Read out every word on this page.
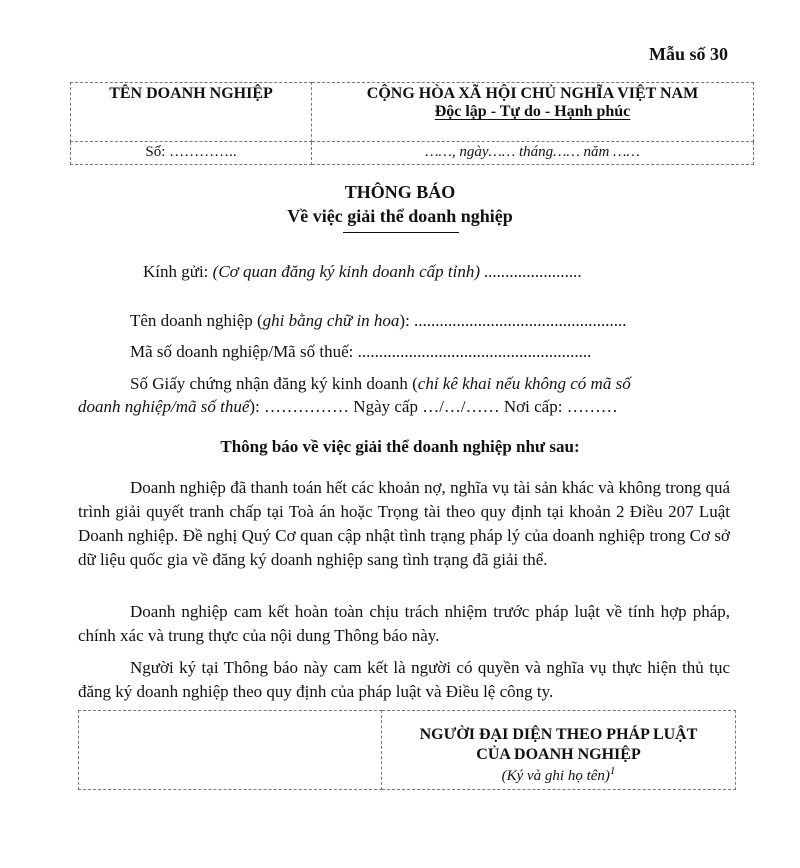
Mẫu số 30
TÊN DOANH NGHIỆP	CỘNG HÒA XÃ HỘI CHỦ NGHĨA VIỆT NAM
Độc lập - Tự do - Hạnh phúc

Số: …………..	……, ngày…… tháng…… năm ……
THÔNG BÁO
Về việc giải thể doanh nghiệp
Kính gửi: (Cơ quan đăng ký kinh doanh cấp tỉnh) .......................
Tên doanh nghiệp (ghi bằng chữ in hoa): ..................................................
Mã số doanh nghiệp/Mã số thuế: .......................................................
Số Giấy chứng nhận đăng ký kinh doanh (chỉ kê khai nếu không có mã số
doanh nghiệp/mã số thuế): …………… Ngày cấp …/…/…… Nơi cấp: ………
Thông báo về việc giải thể doanh nghiệp như sau:
Doanh nghiệp đã thanh toán hết các khoản nợ, nghĩa vụ tài sản khác và không trong quá trình giải quyết tranh chấp tại Toà án hoặc Trọng tài theo quy định tại khoản 2 Điều 207 Luật Doanh nghiệp. Đề nghị Quý Cơ quan cập nhật tình trạng pháp lý của doanh nghiệp trong Cơ sở dữ liệu quốc gia về đăng ký doanh nghiệp sang tình trạng đã giải thể.
Doanh nghiệp cam kết hoàn toàn chịu trách nhiệm trước pháp luật về tính hợp pháp, chính xác và trung thực của nội dung Thông báo này.
Người ký tại Thông báo này cam kết là người có quyền và nghĩa vụ thực hiện thủ tục đăng ký doanh nghiệp theo quy định của pháp luật và Điều lệ công ty.

NGƯỜI ĐẠI DIỆN THEO PHÁP LUẬT
CỦA DOANH NGHIỆP
(Ký và ghi họ tên)$^1$
